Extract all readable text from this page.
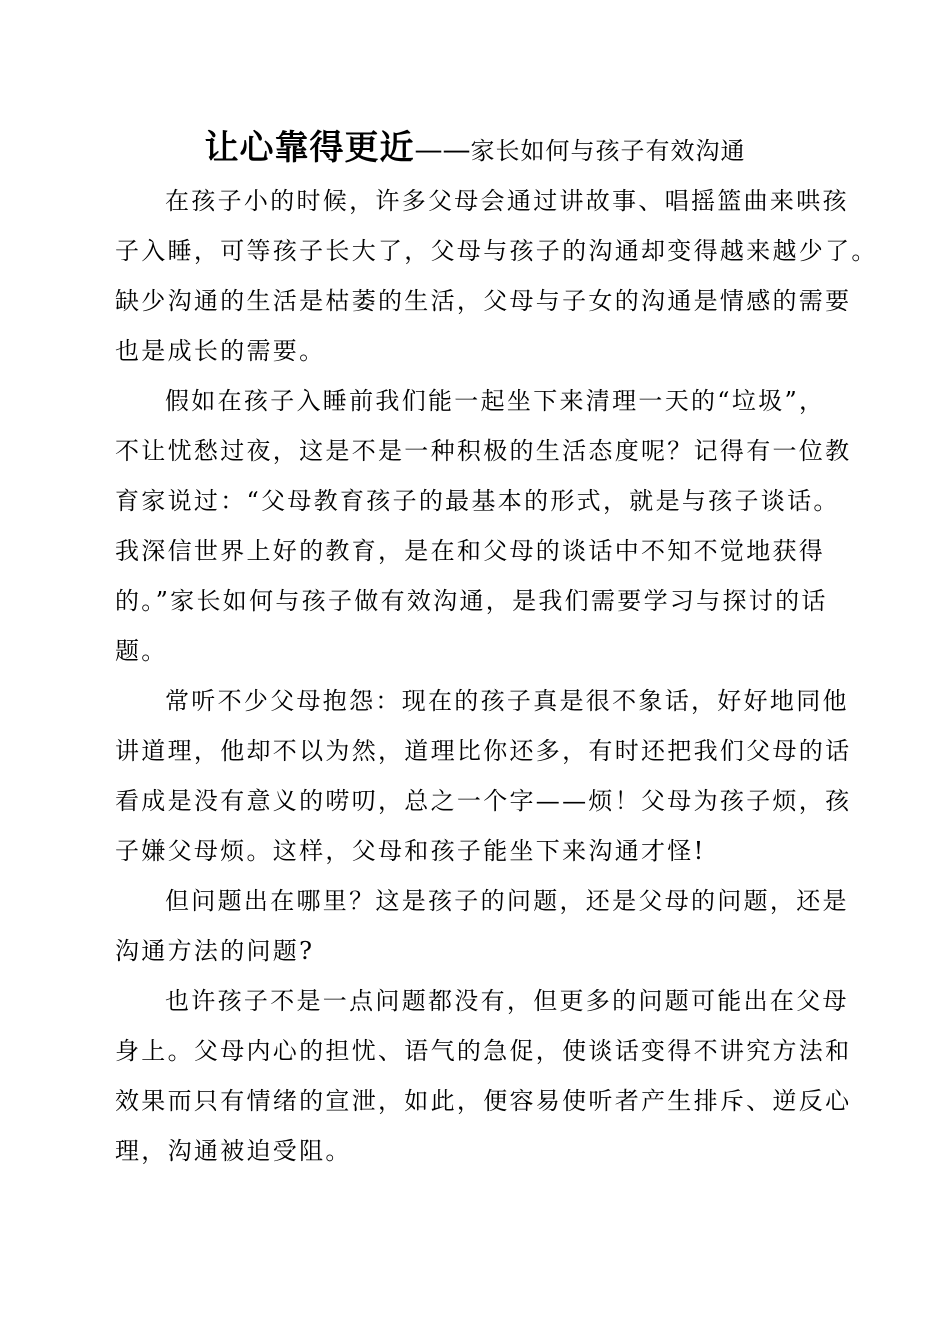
让心靠得更近——家长如何与孩子有效沟通
在孩子小的时候，许多父母会通过讲故事、唱摇篮曲来哄孩
子入睡，可等孩子长大了，父母与孩子的沟通却变得越来越少了。
缺少沟通的生活是枯萎的生活，父母与子女的沟通是情感的需要
也是成长的需要。
假如在孩子入睡前我们能一起坐下来清理一天的“垃圾”，
不让忧愁过夜，这是不是一种积极的生活态度呢？记得有一位教
育家说过：“父母教育孩子的最基本的形式，就是与孩子谈话。
我深信世界上好的教育，是在和父母的谈话中不知不觉地获得
的。”家长如何与孩子做有效沟通，是我们需要学习与探讨的话
题。
常听不少父母抱怨：现在的孩子真是很不象话，好好地同他
讲道理，他却不以为然，道理比你还多，有时还把我们父母的话
看成是没有意义的唠叨，总之一个字——烦！父母为孩子烦，孩
子嫌父母烦。这样，父母和孩子能坐下来沟通才怪!
但问题出在哪里？这是孩子的问题，还是父母的问题，还是
沟通方法的问题?
也许孩子不是一点问题都没有，但更多的问题可能出在父母
身上。父母内心的担忧、语气的急促，使谈话变得不讲究方法和
效果而只有情绪的宣泄，如此，便容易使听者产生排斥、逆反心
理，沟通被迫受阻。
